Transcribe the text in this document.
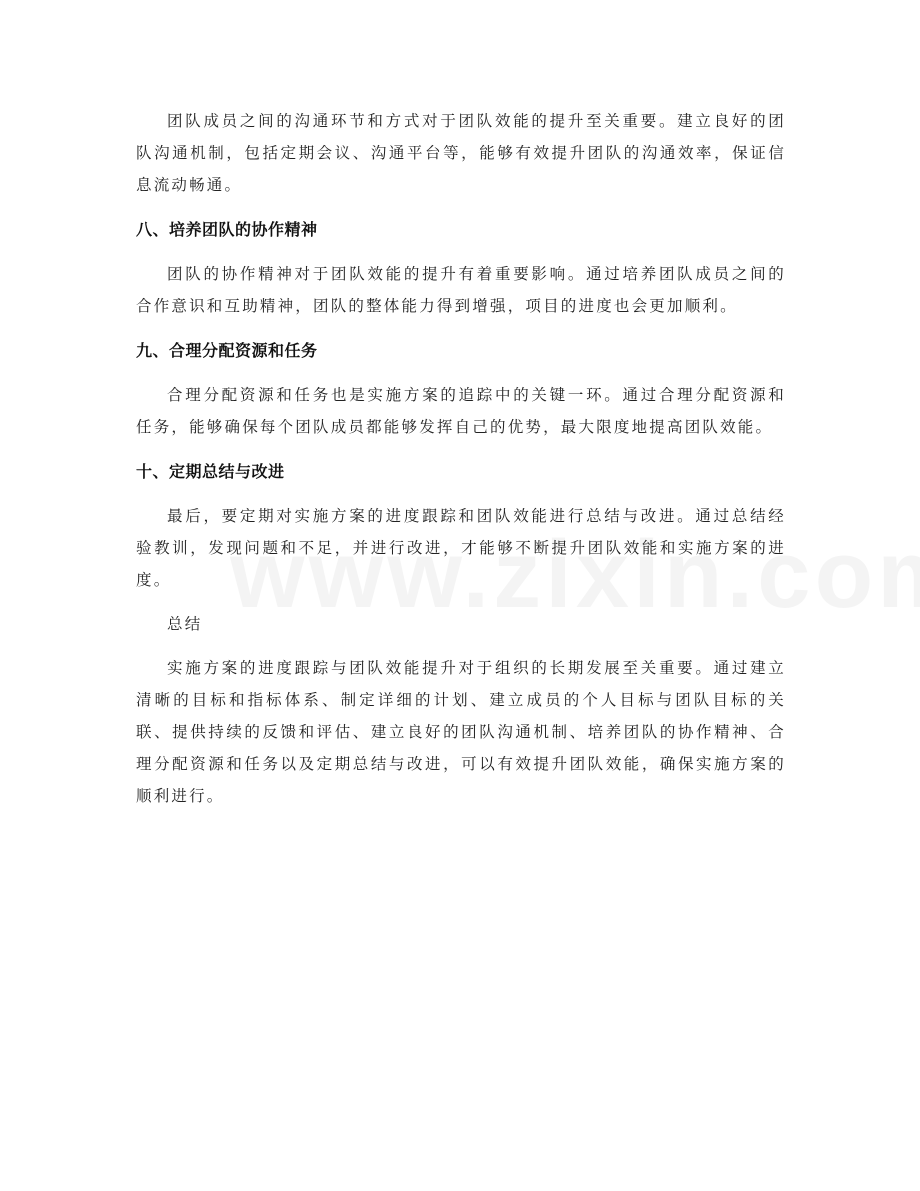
团队成员之间的沟通环节和方式对于团队效能的提升至关重要。建立良好的团队沟通机制，包括定期会议、沟通平台等，能够有效提升团队的沟通效率，保证信息流动畅通。

八、培养团队的协作精神

团队的协作精神对于团队效能的提升有着重要影响。通过培养团队成员之间的合作意识和互助精神，团队的整体能力得到增强，项目的进度也会更加顺利。

九、合理分配资源和任务

合理分配资源和任务也是实施方案的追踪中的关键一环。通过合理分配资源和任务，能够确保每个团队成员都能够发挥自己的优势，最大限度地提高团队效能。

十、定期总结与改进

最后，要定期对实施方案的进度跟踪和团队效能进行总结与改进。通过总结经验教训，发现问题和不足，并进行改进，才能够不断提升团队效能和实施方案的进度。

总结

实施方案的进度跟踪与团队效能提升对于组织的长期发展至关重要。通过建立清晰的目标和指标体系、制定详细的计划、建立成员的个人目标与团队目标的关联、提供持续的反馈和评估、建立良好的团队沟通机制、培养团队的协作精神、合理分配资源和任务以及定期总结与改进，可以有效提升团队效能，确保实施方案的顺利进行。
